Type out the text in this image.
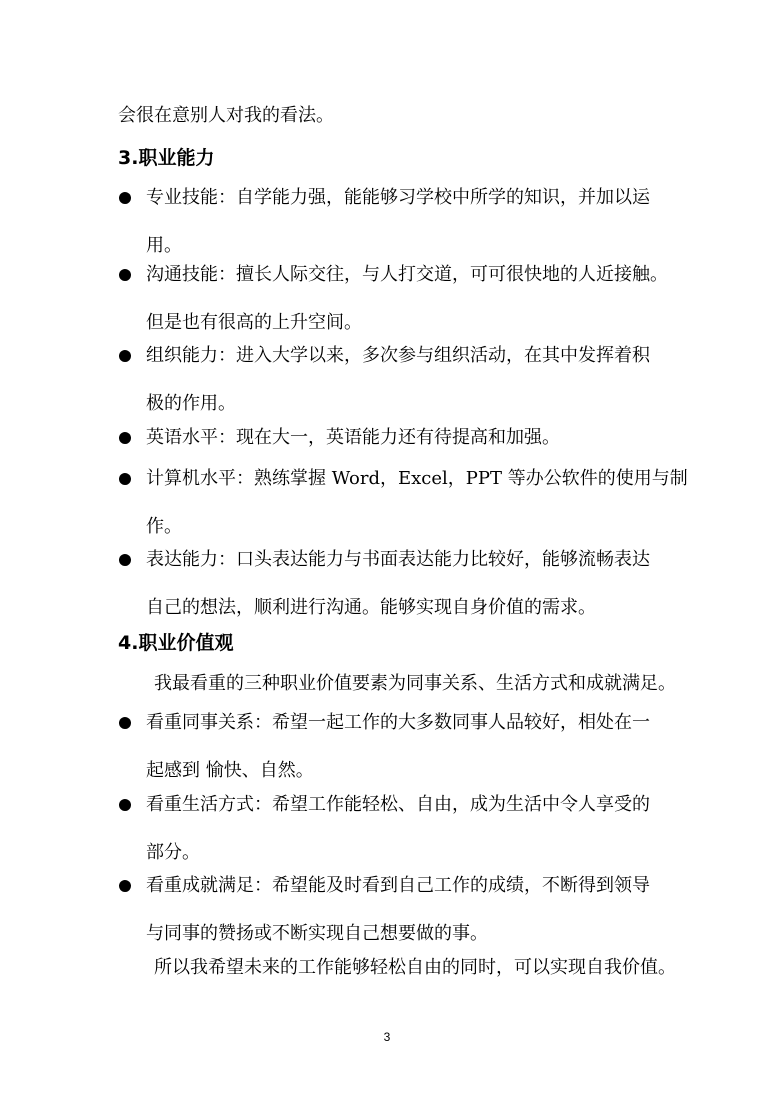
会很在意别人对我的看法。

3.职业能力
专业技能：自学能力强，能能够习学校中所学的知识，并加以运
用。
沟通技能：擅长人际交往，与人打交道，可可很快地的人近接触。
但是也有很高的上升空间。
组织能力：进入大学以来，多次参与组织活动，在其中发挥着积
极的作用。
英语水平：现在大一，英语能力还有待提高和加强。
计算机水平：熟练掌握 Word，Excel，PPT 等办公软件的使用与制
作。
表达能力：口头表达能力与书面表达能力比较好，能够流畅表达
自己的想法，顺利进行沟通。能够实现自身价值的需求。
4.职业价值观

我最看重的三种职业价值要素为同事关系、生活方式和成就满足。

看重同事关系：希望一起工作的大多数同事人品较好，相处在一
起感到 愉快、自然。
看重生活方式：希望工作能轻松、自由，成为生活中令人享受的
部分。
看重成就满足：希望能及时看到自己工作的成绩，不断得到领导
与同事的赞扬或不断实现自己想要做的事。

所以我希望未来的工作能够轻松自由的同时，可以实现自我价值。

3
